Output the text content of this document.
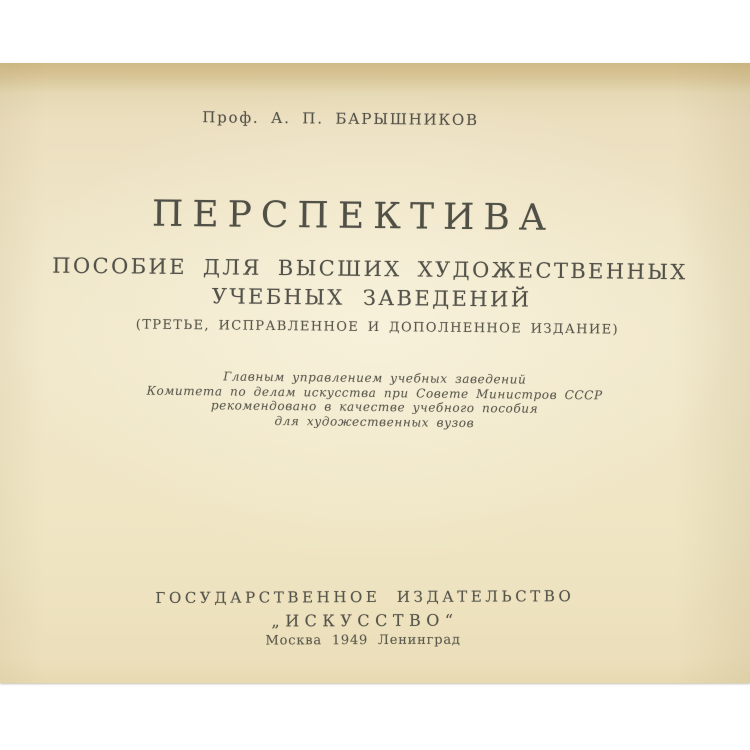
Проф. А. П. БАРЫШНИКОВ
ПЕРСПЕКТИВА
ПОСОБИЕ ДЛЯ ВЫСШИХ ХУДОЖЕСТВЕННЫХ
УЧЕБНЫХ ЗАВЕДЕНИЙ
(ТРЕТЬЕ, ИСПРАВЛЕННОЕ И ДОПОЛНЕННОЕ ИЗДАНИЕ)
Главным управлением учебных заведений
Комитета по делам искусства при Совете Министров СССР
рекомендовано в качестве учебного пособия
для художественных вузов
ГОСУДАРСТВЕННОЕ ИЗДАТЕЛЬСТВО
„ИСКУССТВО“
Москва 1949 Ленинград
